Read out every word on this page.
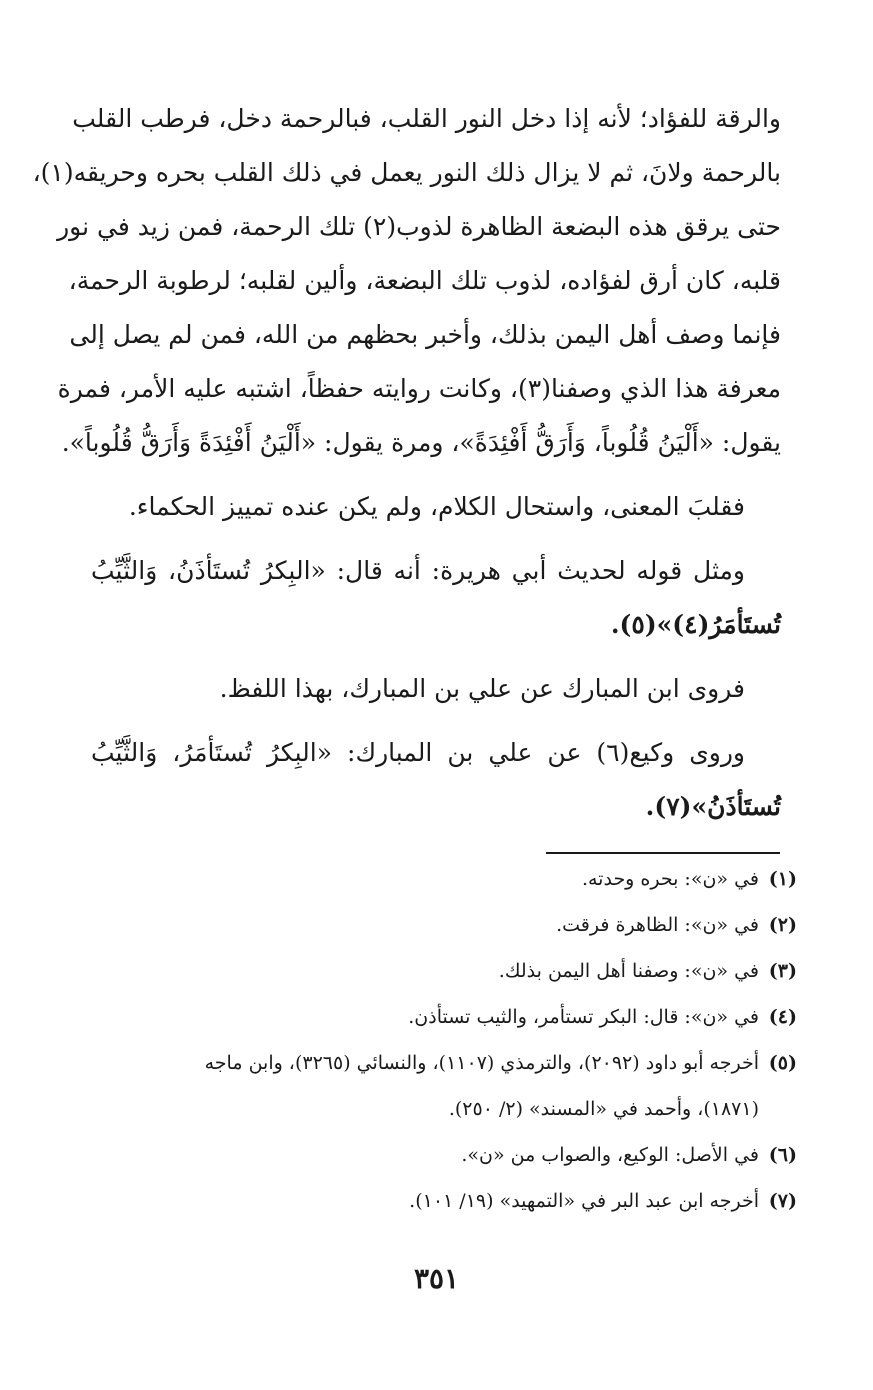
والرقة للفؤاد؛ لأنه إذا دخل النور القلب، فبالرحمة دخل، فرطب القلب
بالرحمة ولانَ، ثم لا يزال ذلك النور يعمل في ذلك القلب بحره وحريقه(١)،
حتى يرقق هذه البضعة الظاهرة لذوب(٢) تلك الرحمة، فمن زيد في نور
قلبه، كان أرق لفؤاده، لذوب تلك البضعة، وألين لقلبه؛ لرطوبة الرحمة،
فإنما وصف أهل اليمن بذلك، وأخبر بحظهم من الله، فمن لم يصل إلى
معرفة هذا الذي وصفنا(٣)، وكانت روايته حفظاً، اشتبه عليه الأمر، فمرة
يقول: «أَلْيَنُ قُلُوباً، وَأَرَقُّ أَفْئِدَةً»، ومرة يقول: «أَلْيَنُ أَفْئِدَةً وَأَرَقُّ قُلُوباً».
فقلبَ المعنى، واستحال الكلام، ولم يكن عنده تمييز الحكماء.
ومثل قوله لحديث أبي هريرة: أنه قال: «البِكرُ تُستَأذَنُ، وَالثَّيِّبُ
تُستَأمَرُ(٤)»(٥).
فروى ابن المبارك عن علي بن المبارك، بهذا اللفظ.
وروى وكيع(٦) عن علي بن المبارك: «البِكرُ تُستَأمَرُ، وَالثَّيِّبُ
تُستَأذَنُ»(٧).
(١)
في «ن»: بحره وحدته.
(٢)
في «ن»: الظاهرة فرقت.
(٣)
في «ن»: وصفنا أهل اليمن بذلك.
(٤)
في «ن»: قال: البكر تستأمر، والثيب تستأذن.
(٥)
أخرجه أبو داود (٢٠٩٢)، والترمذي (١١٠٧)، والنسائي (٣٢٦٥)، وابن ماجه
(١٨٧١)، وأحمد في «المسند» (٢/ ٢٥٠).
(٦)
في الأصل: الوكيع، والصواب من «ن».
(٧)
أخرجه ابن عبد البر في «التمهيد» (١٩/ ١٠١).
٣٥١
